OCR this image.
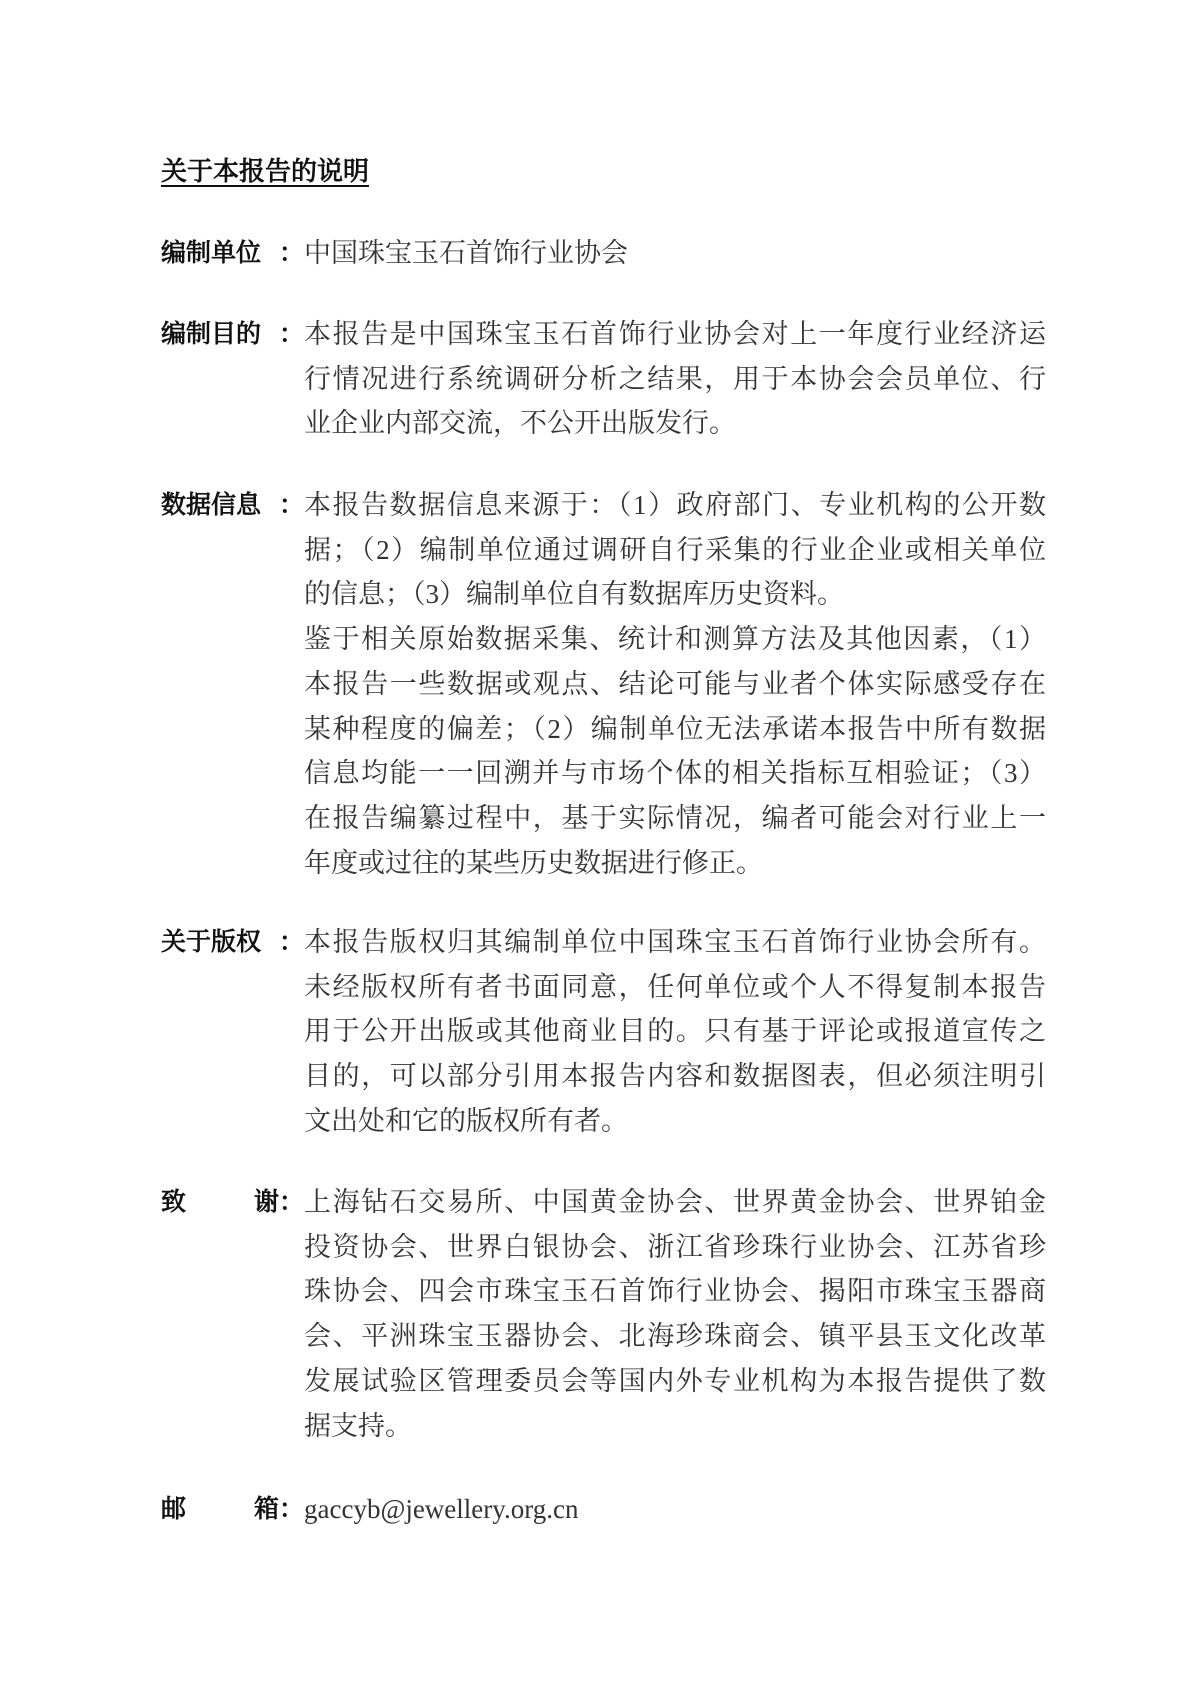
关于本报告的说明
编制单位 ： 中国珠宝玉石首饰行业协会
编制目的 ： 本报告是中国珠宝玉石首饰行业协会对上一年度行业经济运
行情况进行系统调研分析之结果，用于本协会会员单位、行
业企业内部交流，不公开出版发行。
数据信息 ： 本报告数据信息来源于：（1）政府部门、专业机构的公开数
据；（2）编制单位通过调研自行采集的行业企业或相关单位
的信息；（3）编制单位自有数据库历史资料。
鉴于相关原始数据采集、统计和测算方法及其他因素，（1）
本报告一些数据或观点、结论可能与业者个体实际感受存在
某种程度的偏差；（2）编制单位无法承诺本报告中所有数据
信息均能一一回溯并与市场个体的相关指标互相验证；（3）
在报告编纂过程中，基于实际情况，编者可能会对行业上一
年度或过往的某些历史数据进行修正。
关于版权 ： 本报告版权归其编制单位中国珠宝玉石首饰行业协会所有。
未经版权所有者书面同意，任何单位或个人不得复制本报告
用于公开出版或其他商业目的。只有基于评论或报道宣传之
目的，可以部分引用本报告内容和数据图表，但必须注明引
文出处和它的版权所有者。
致	谢： 上海钻石交易所、中国黄金协会、世界黄金协会、世界铂金
投资协会、世界白银协会、浙江省珍珠行业协会、江苏省珍
珠协会、四会市珠宝玉石首饰行业协会、揭阳市珠宝玉器商
会、平洲珠宝玉器协会、北海珍珠商会、镇平县玉文化改革
发展试验区管理委员会等国内外专业机构为本报告提供了数
据支持。
邮	箱： gaccyb@jewellery.org.cn
